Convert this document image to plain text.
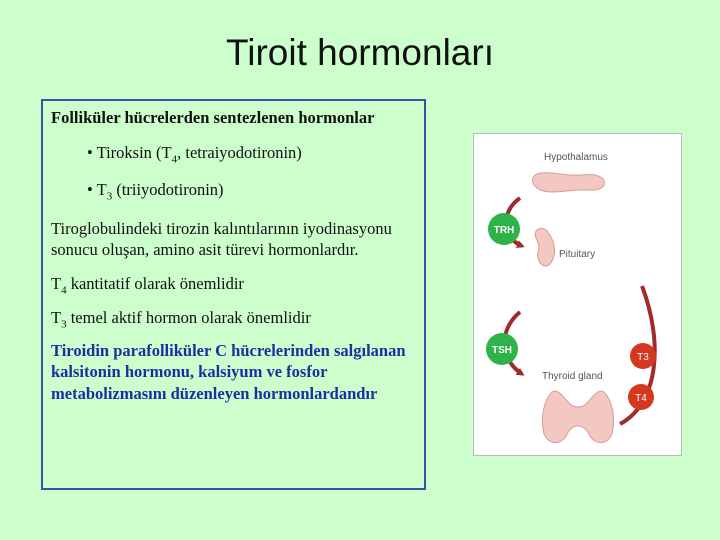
Tiroit hormonları

Folliküler hücrelerden sentezlenen hormonlar

• Tiroksin ($T_4$, tetraiyodotironin)

• $T_3$ (triiyodotironin)

Tiroglobulindeki tirozin kalıntılarının iyodinasyonu sonucu oluşan, amino asit türevi hormonlardır.

$T_4$ kantitatif olarak önemlidir

$T_3$ temel aktif hormon olarak önemlidir

Tiroidin parafolliküler C hücrelerinden salgılanan kalsitonin hormonu, kalsiyum ve fosfor metabolizmasını düzenleyen hormonlardandır

Hypothalamus
Pituitary
Thyroid gland
TRH
TSH
T3
T4
